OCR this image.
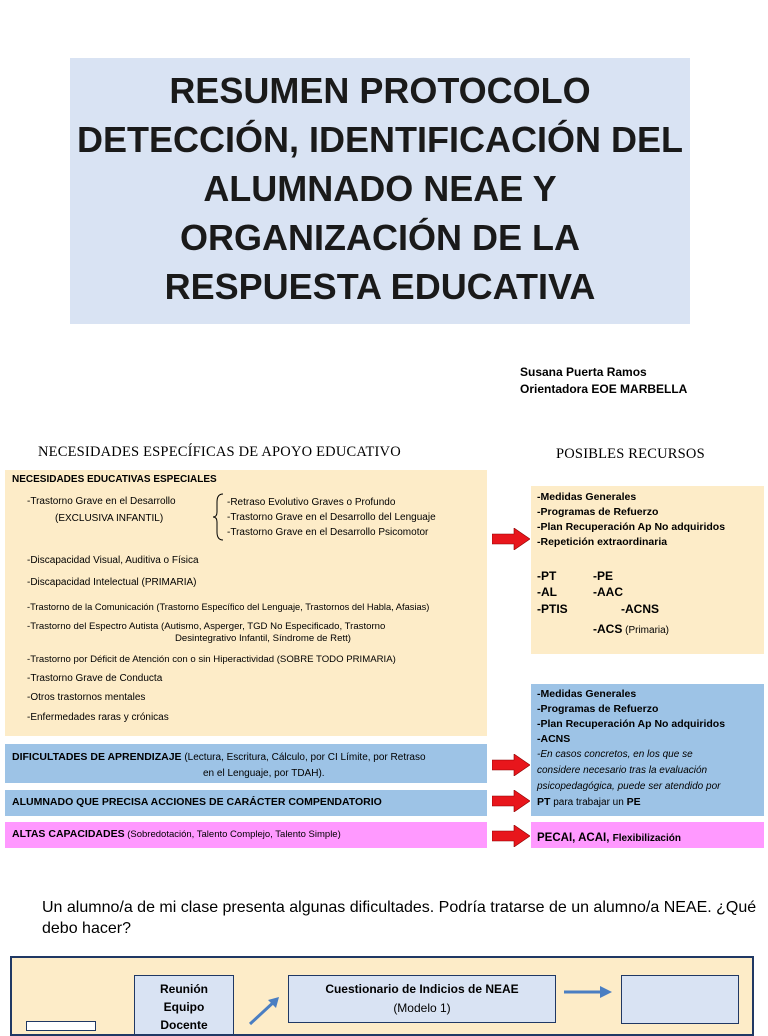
RESUMEN PROTOCOLO
DETECCIÓN, IDENTIFICACIÓN DEL
ALUMNADO NEAE Y
ORGANIZACIÓN DE LA
RESPUESTA EDUCATIVA
Susana Puerta Ramos
Orientadora EOE MARBELLA
NECESIDADES ESPECÍFICAS DE APOYO EDUCATIVO	POSIBLES RECURSOS
NECESIDADES EDUCATIVAS ESPECIALES
-Trastorno Grave en el Desarrollo
(EXCLUSIVA INFANTIL)
-Retraso Evolutivo Graves o Profundo
-Trastorno Grave en el Desarrollo del Lenguaje
-Trastorno Grave en el Desarrollo Psicomotor
-Discapacidad Visual, Auditiva o Física
-Discapacidad Intelectual (PRIMARIA)
-Trastorno de la Comunicación (Trastorno Específico del Lenguaje, Trastornos del Habla, Afasias)
-Trastorno del Espectro Autista (Autismo, Asperger, TGD No Especificado, Trastorno
Desintegrativo Infantil, Síndrome de Rett)
-Trastorno por Déficit de Atención con o sin Hiperactividad (SOBRE TODO PRIMARIA)
-Trastorno Grave de Conducta
-Otros trastornos mentales
-Enfermedades raras y crónicas
DIFICULTADES DE APRENDIZAJE (Lectura, Escritura, Cálculo, por CI Límite, por Retraso
en el Lenguaje, por TDAH).
ALUMNADO QUE PRECISA ACCIONES DE CARÁCTER COMPENDATORIO
ALTAS CAPACIDADES (Sobredotación, Talento Complejo, Talento Simple)
-Medidas Generales
-Programas de Refuerzo
-Plan Recuperación Ap No adquiridos
-Repetición extraordinaria
-PT	-PE
-AL	-AAC
-PTIS	-ACNS
-ACS (Primaria)
-Medidas Generales
-Programas de Refuerzo
-Plan Recuperación Ap No adquiridos
-ACNS
-En casos concretos, en los que se
considere necesario tras la evaluación
psicopedagógica, puede ser atendido por
PT para trabajar un PE
PECAI, ACAI, Flexibilización
Un alumno/a de mi clase presenta algunas dificultades. Podría tratarse de un alumno/a NEAE. ¿Qué debo hacer?
Reunión
Equipo
Docente
Cuestionario de Indicios de NEAE
(Modelo 1)
